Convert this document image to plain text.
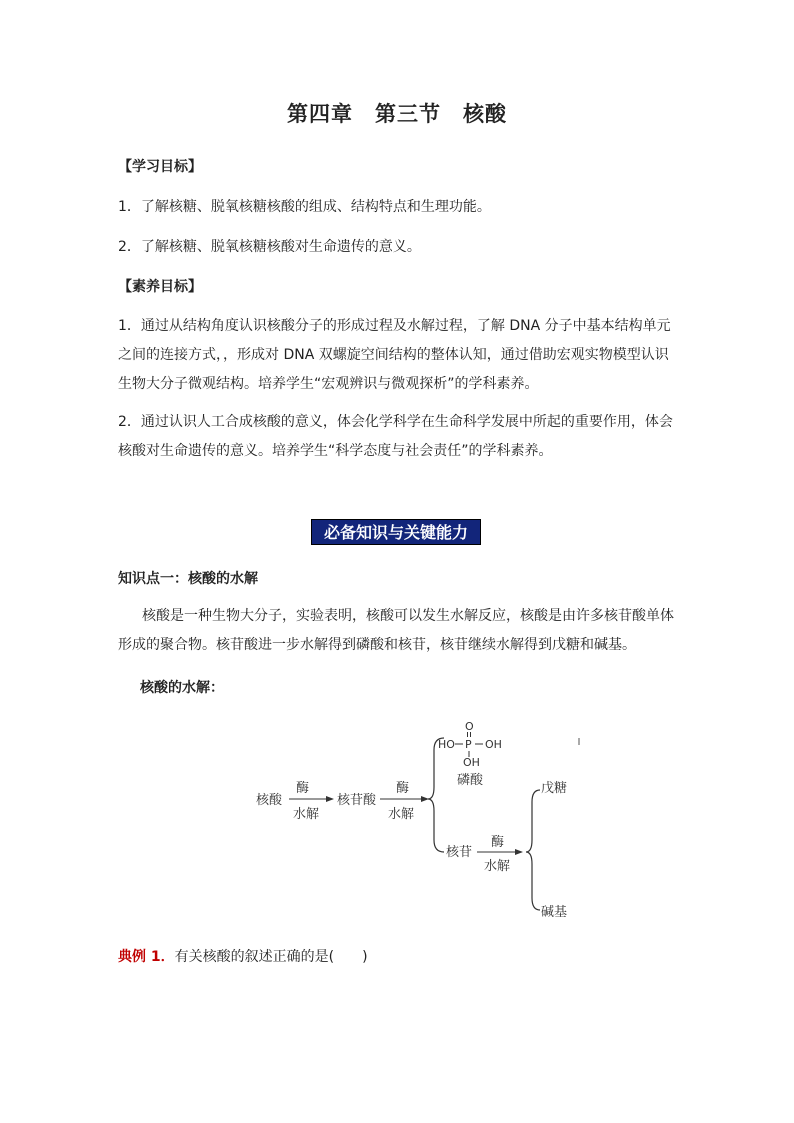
第四章　第三节　核酸
【学习目标】
1．了解核糖、脱氧核糖核酸的组成、结构特点和生理功能。
2．了解核糖、脱氧核糖核酸对生命遗传的意义。
【素养目标】
1．通过从结构角度认识核酸分子的形成过程及水解过程，了解 DNA 分子中基本结构单元之间的连接方式，，形成对 DNA 双螺旋空间结构的整体认知，通过借助宏观实物模型认识生物大分子微观结构。培养学生“宏观辨识与微观探析”的学科素养。
2．通过认识人工合成核酸的意义，体会化学科学在生命科学发展中所起的重要作用，体会核酸对生命遗传的意义。培养学生“科学态度与社会责任”的学科素养。
必备知识与关键能力
知识点一：核酸的水解
核酸是一种生物大分子，实验表明，核酸可以发生水解反应，核酸是由许多核苷酸单体形成的聚合物。核苷酸进一步水解得到磷酸和核苷，核苷继续水解得到戊糖和碱基。
核酸的水解：
核酸
酶
水解
核苷酸
酶
水解
O
HO P OH
OH
磷酸
核苷
酶
水解
戊糖
碱基
典例 1．有关核酸的叙述正确的是(　　)
